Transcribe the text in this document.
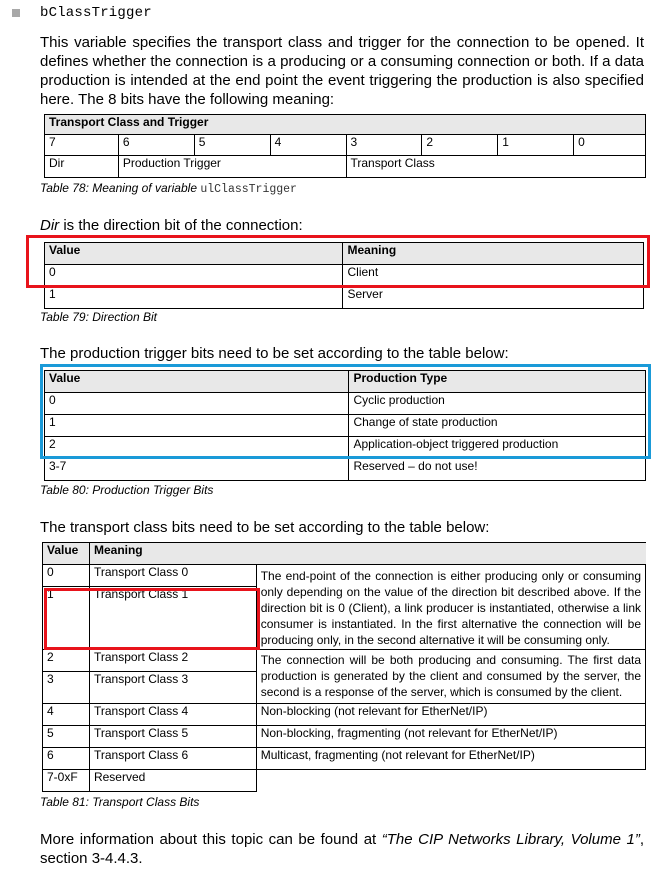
bClassTrigger
This variable specifies the transport class and trigger for the connection to be opened. It
defines whether the connection is a producing or a consuming connection or both. If a data
production is intended at the end point the event triggering the production is also specified
here. The 8 bits have the following meaning:
Transport Class and Trigger							
7	6	5	4	3	2	1	0
Dir	Production Trigger			Transport Class			
Table 78: Meaning of variable ulClassTrigger
Dir is the direction bit of the connection:
Value	Meaning
0	Client
1	Server
Table 79: Direction Bit
The production trigger bits need to be set according to the table below:
Value	Production Type
0	Cyclic production
1	Change of state production
2	Application-object triggered production
3-7	Reserved – do not use!
Table 80: Production Trigger Bits
The transport class bits need to be set according to the table below:
Value	Meaning	
0	Transport Class 0	The end-point of the connection is either producing only or consuming only depending on the value of the direction bit described above. If the direction bit is 0 (Client), a link producer is instantiated, otherwise a link consumer is instantiated. In the first alternative the connection will be producing only, in the second alternative it will be consuming only.
1	Transport Class 1	
2	Transport Class 2	The connection will be both producing and consuming. The first data production is generated by the client and consumed by the server, the second is a response of the server, which is consumed by the client.
3	Transport Class 3	
4	Transport Class 4	Non-blocking (not relevant for EtherNet/IP)
5	Transport Class 5	Non-blocking, fragmenting (not relevant for EtherNet/IP)
6	Transport Class 6	Multicast, fragmenting (not relevant for EtherNet/IP)
7-0xF	Reserved	
Table 81: Transport Class Bits
More information about this topic can be found at “The CIP Networks Library, Volume 1”,
section 3-4.4.3.
